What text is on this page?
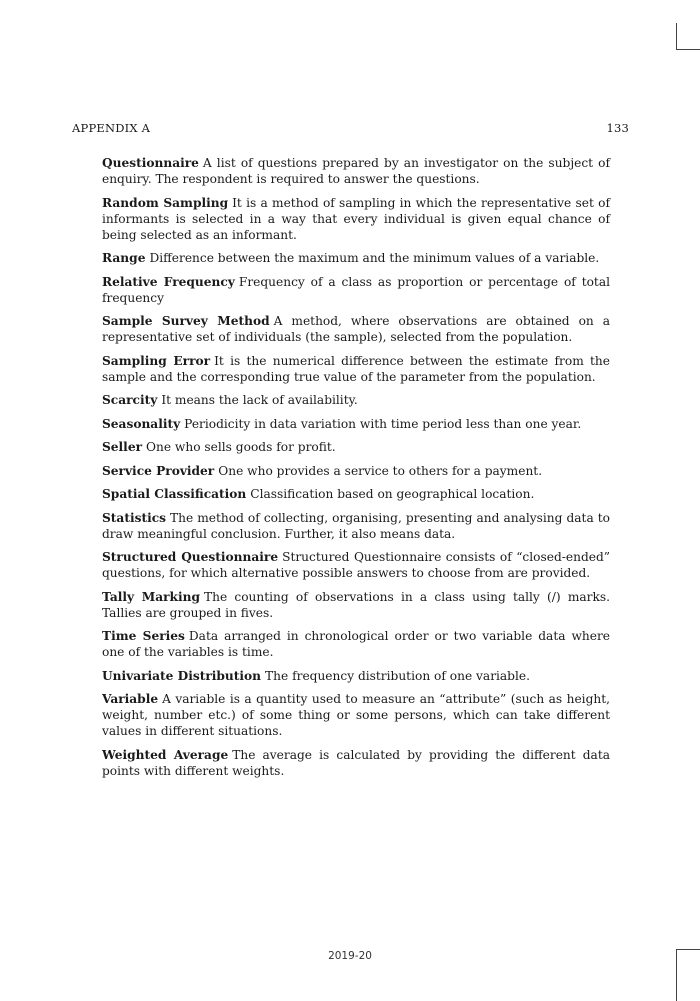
APPENDIX A	133

Questionnaire A list of questions prepared by an investigator on the subject of enquiry. The respondent is required to answer the questions.

Random Sampling It is a method of sampling in which the representative set of informants is selected in a way that every individual is given equal chance of being selected as an informant.

Range Difference between the maximum and the minimum values of a variable.

Relative Frequency Frequency of a class as proportion or percentage of total frequency

Sample Survey Method A method, where observations are obtained on a representative set of individuals (the sample), selected from the population.

Sampling Error It is the numerical difference between the estimate from the sample and the corresponding true value of the parameter from the population.

Scarcity It means the lack of availability.

Seasonality Periodicity in data variation with time period less than one year.

Seller One who sells goods for profit.

Service Provider One who provides a service to others for a payment.

Spatial Classification Classification based on geographical location.

Statistics The method of collecting, organising, presenting and analysing data to draw meaningful conclusion. Further, it also means data.

Structured Questionnaire Structured Questionnaire consists of “closed-ended” questions, for which alternative possible answers to choose from are provided.

Tally Marking The counting of observations in a class using tally (/) marks. Tallies are grouped in fives.

Time Series Data arranged in chronological order or two variable data where one of the variables is time.

Univariate Distribution The frequency distribution of one variable.

Variable A variable is a quantity used to measure an “attribute” (such as height, weight, number etc.) of some thing or some persons, which can take different values in different situations.

Weighted Average The average is calculated by providing the different data points with different weights.

2019-20
